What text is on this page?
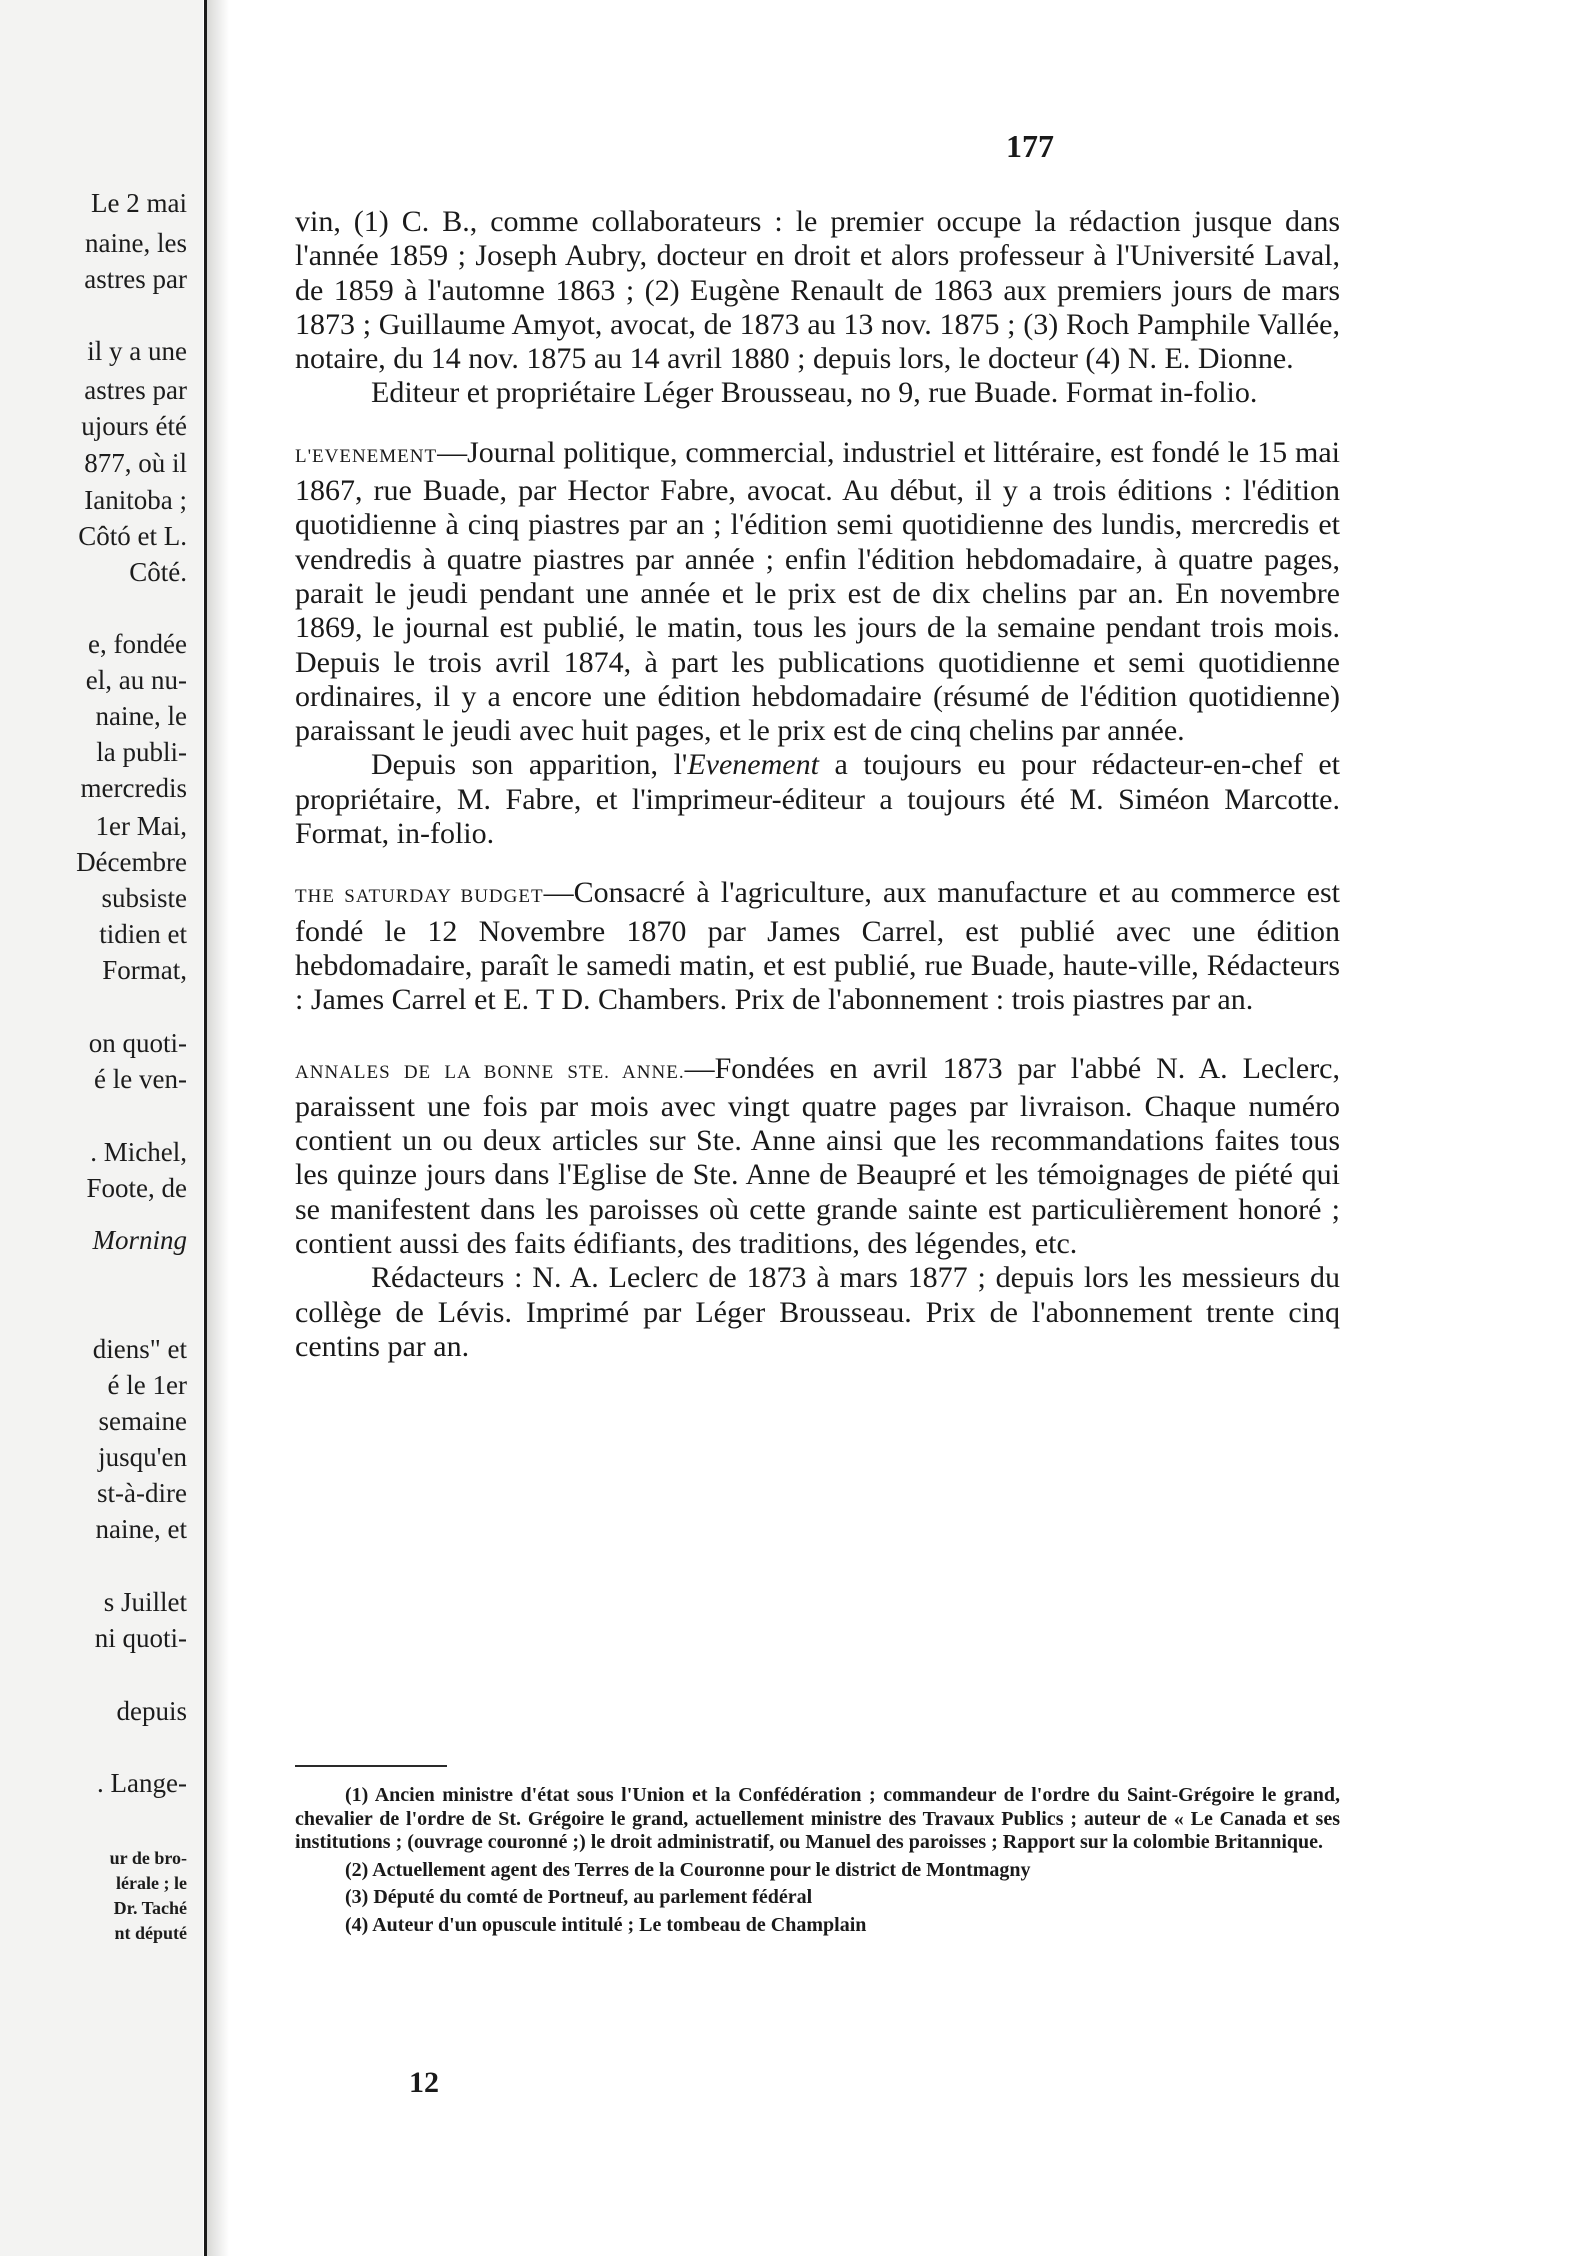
Le 2 mai
naine, les
astres par
il y a une
astres par
ujours été
877, où il
Ianitoba ;
Côtó et L.
Côté.
e, fondée
el, au nu-
naine, le
la publi-
mercredis
1er Mai,
Décembre
subsiste
tidien et
Format,
on quoti-
é le ven-
. Michel,
Foote, de
Morning
diens" et
é le 1er
semaine
jusqu'en
st-à-dire
naine, et
s Juillet
ni quoti-
depuis
. Lange-
ur de bro-
lérale ; le
Dr. Taché
nt député
177

vin, (1) C. B., comme collaborateurs : le premier occupe la rédaction jusque dans l'année 1859 ; Joseph Aubry, docteur en droit et alors professeur à l'Université Laval, de 1859 à l'automne 1863 ; (2) Eugène Renault de 1863 aux premiers jours de mars 1873 ; Guillaume Amyot, avocat, de 1873 au 13 nov. 1875 ; (3) Roch Pamphile Vallée, notaire, du 14 nov. 1875 au 14 avril 1880 ; depuis lors, le docteur (4) N. E. Dionne.

Editeur et propriétaire Léger Brousseau, no 9, rue Buade. Format in-folio.

L'EVENEMENT—Journal politique, commercial, industriel et littéraire, est fondé le 15 mai 1867, rue Buade, par Hector Fabre, avocat. Au début, il y a trois éditions : l'édition quotidienne à cinq piastres par an ; l'édition semi quotidienne des lundis, mercredis et vendredis à quatre piastres par année ; enfin l'édition hebdomadaire, à quatre pages, parait le jeudi pendant une année et le prix est de dix chelins par an. En novembre 1869, le journal est publié, le matin, tous les jours de la semaine pendant trois mois. Depuis le trois avril 1874, à part les publications quotidienne et semi quotidienne ordinaires, il y a encore une édition hebdomadaire (résumé de l'édition quotidienne) paraissant le jeudi avec huit pages, et le prix est de cinq chelins par année.

Depuis son apparition, l'Evenement a toujours eu pour rédacteur-en-chef et propriétaire, M. Fabre, et l'imprimeur-éditeur a toujours été M. Siméon Marcotte. Format, in-folio.

THE SATURDAY BUDGET—Consacré à l'agriculture, aux manufacture et au commerce est fondé le 12 Novembre 1870 par James Carrel, est publié avec une édition hebdomadaire, paraît le samedi matin, et est publié, rue Buade, haute-ville, Rédacteurs : James Carrel et E. T D. Chambers. Prix de l'abonnement : trois piastres par an.

ANNALES DE LA BONNE STE. ANNE.—Fondées en avril 1873 par l'abbé N. A. Leclerc, paraissent une fois par mois avec vingt quatre pages par livraison. Chaque numéro contient un ou deux articles sur Ste. Anne ainsi que les recommandations faites tous les quinze jours dans l'Eglise de Ste. Anne de Beaupré et les témoignages de piété qui se manifestent dans les paroisses où cette grande sainte est particulièrement honoré ; contient aussi des faits édifiants, des traditions, des légendes, etc.

Rédacteurs : N. A. Leclerc de 1873 à mars 1877 ; depuis lors les messieurs du collège de Lévis. Imprimé par Léger Brousseau. Prix de l'abonnement trente cinq centins par an.

(1) Ancien ministre d'état sous l'Union et la Confédération ; commandeur de l'ordre du Saint-Grégoire le grand, chevalier de l'ordre de St. Grégoire le grand, actuellement ministre des Travaux Publics ; auteur de « Le Canada et ses institutions ; (ouvrage couronné ;) le droit administratif, ou Manuel des paroisses ; Rapport sur la colombie Britannique.

(2) Actuellement agent des Terres de la Couronne pour le district de Montmagny

(3) Député du comté de Portneuf, au parlement fédéral

(4) Auteur d'un opuscule intitulé ; Le tombeau de Champlain

12
